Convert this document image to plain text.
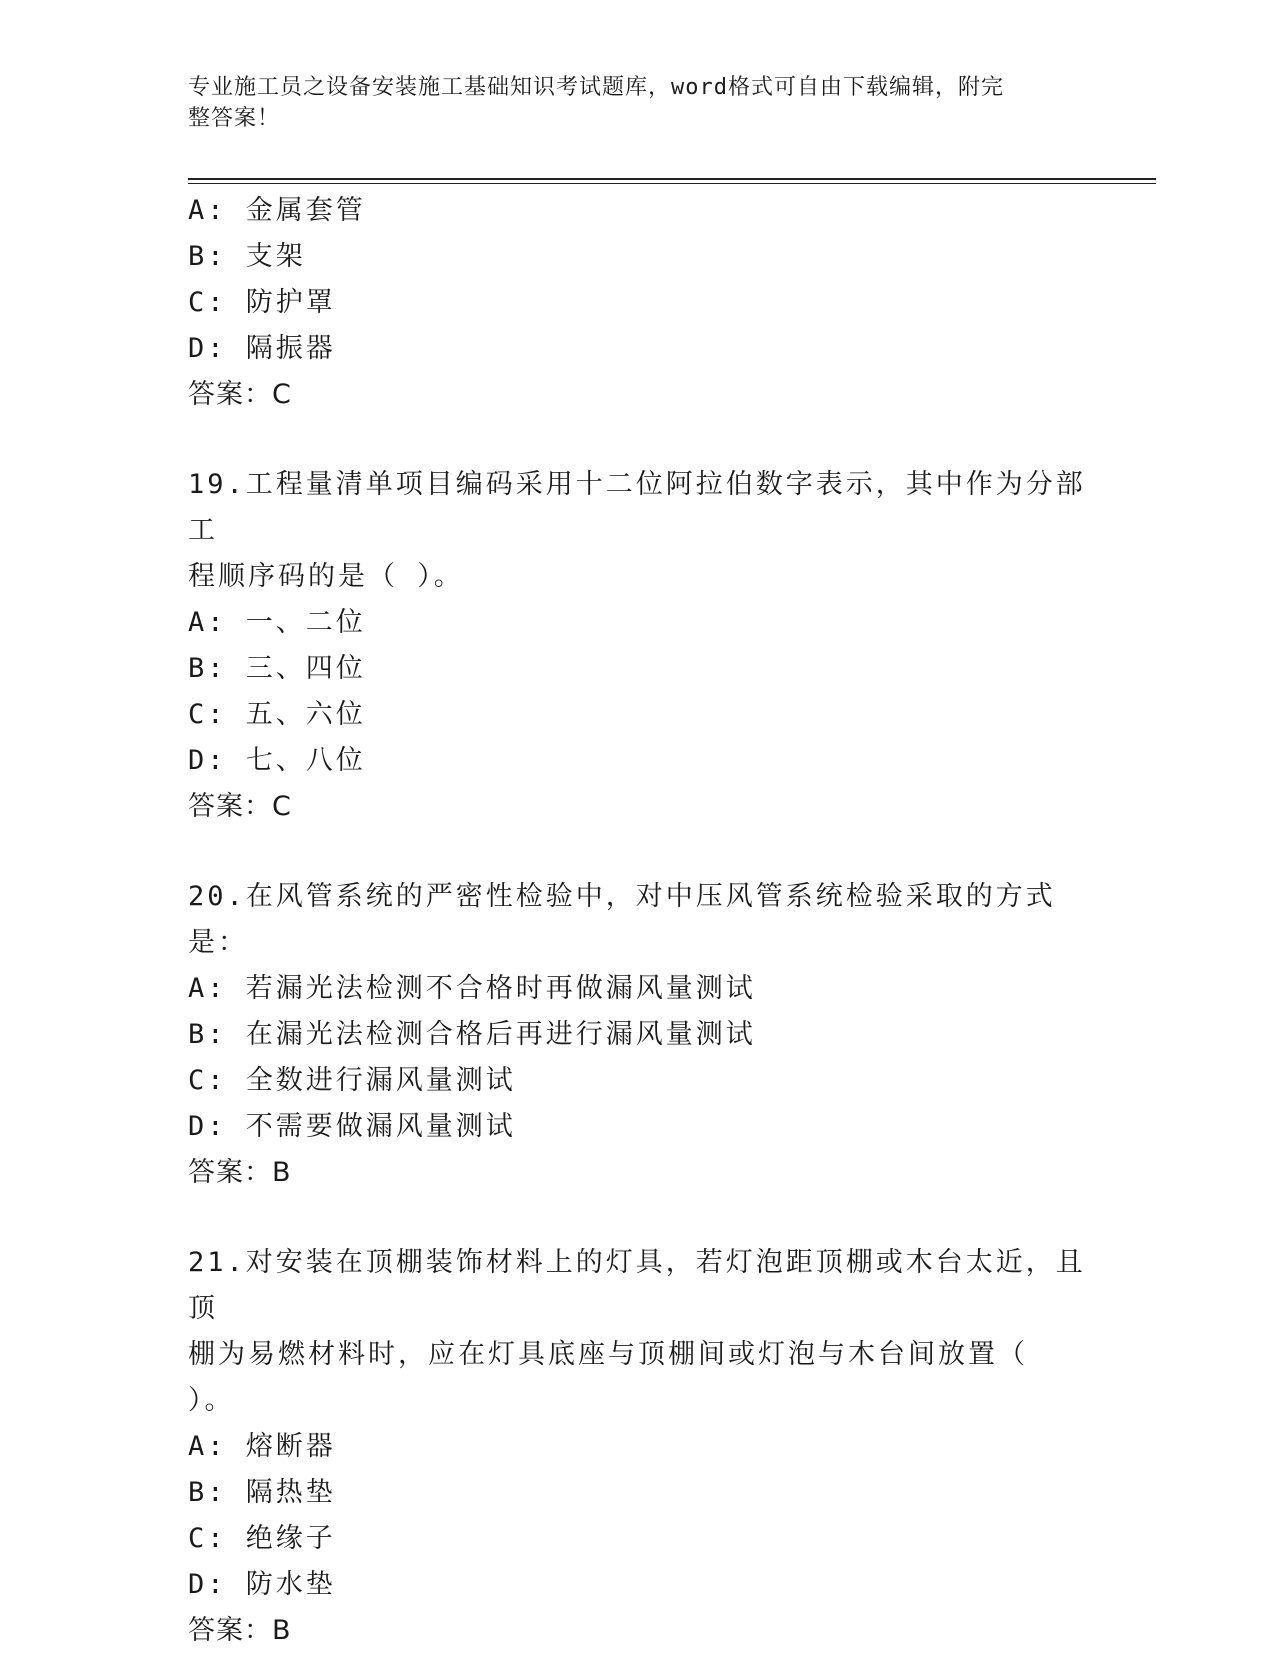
专业施工员之设备安装施工基础知识考试题库，word格式可自由下载编辑，附完
整答案！
A: 金属套管
B: 支架
C: 防护罩
D: 隔振器
答案：C
19.工程量清单项目编码采用十二位阿拉伯数字表示，其中作为分部工
程顺序码的是（ ）。
A: 一、二位
B: 三、四位
C: 五、六位
D: 七、八位
答案：C
20.在风管系统的严密性检验中，对中压风管系统检验采取的方式是：
A: 若漏光法检测不合格时再做漏风量测试
B: 在漏光法检测合格后再进行漏风量测试
C: 全数进行漏风量测试
D: 不需要做漏风量测试
答案：B
21.对安装在顶棚装饰材料上的灯具，若灯泡距顶棚或木台太近，且顶
棚为易燃材料时，应在灯具底座与顶棚间或灯泡与木台间放置（ ）。
A: 熔断器
B: 隔热垫
C: 绝缘子
D: 防水垫
答案：B
